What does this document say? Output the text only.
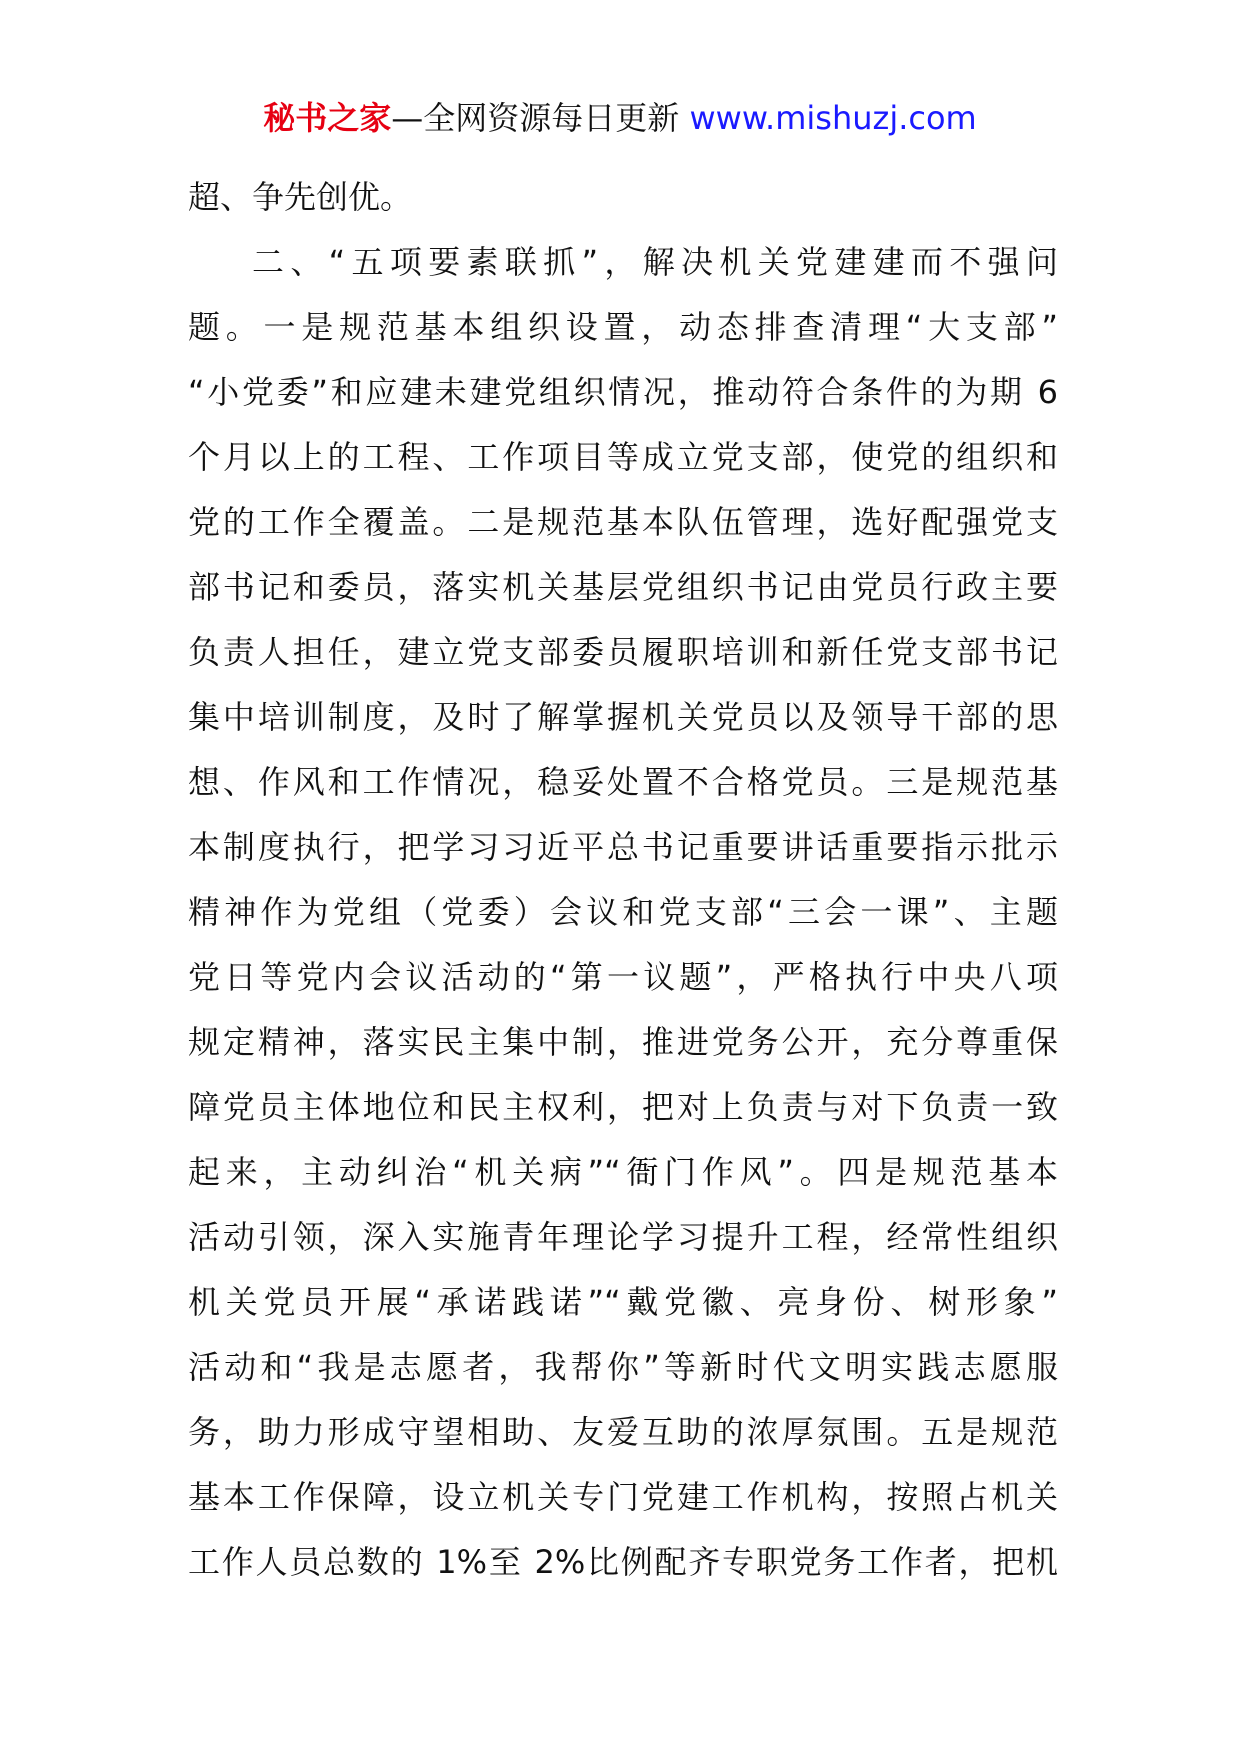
秘书之家—全网资源每日更新 www.mishuzj.com
超、争先创优。
二、“五项要素联抓”，解决机关党建建而不强问
题。一是规范基本组织设置，动态排查清理“大支部”
“小党委”和应建未建党组织情况，推动符合条件的为期 6
个月以上的工程、工作项目等成立党支部，使党的组织和
党的工作全覆盖。二是规范基本队伍管理，选好配强党支
部书记和委员，落实机关基层党组织书记由党员行政主要
负责人担任，建立党支部委员履职培训和新任党支部书记
集中培训制度，及时了解掌握机关党员以及领导干部的思
想、作风和工作情况，稳妥处置不合格党员。三是规范基
本制度执行，把学习习近平总书记重要讲话重要指示批示
精神作为党组（党委）会议和党支部“三会一课”、主题
党日等党内会议活动的“第一议题”，严格执行中央八项
规定精神，落实民主集中制，推进党务公开，充分尊重保
障党员主体地位和民主权利，把对上负责与对下负责一致
起来，主动纠治“机关病”“衙门作风”。四是规范基本
活动引领，深入实施青年理论学习提升工程，经常性组织
机关党员开展“承诺践诺”“戴党徽、亮身份、树形象”
活动和“我是志愿者，我帮你”等新时代文明实践志愿服
务，助力形成守望相助、友爱互助的浓厚氛围。五是规范
基本工作保障，设立机关专门党建工作机构，按照占机关
工作人员总数的 1%至 2%比例配齐专职党务工作者，把机
